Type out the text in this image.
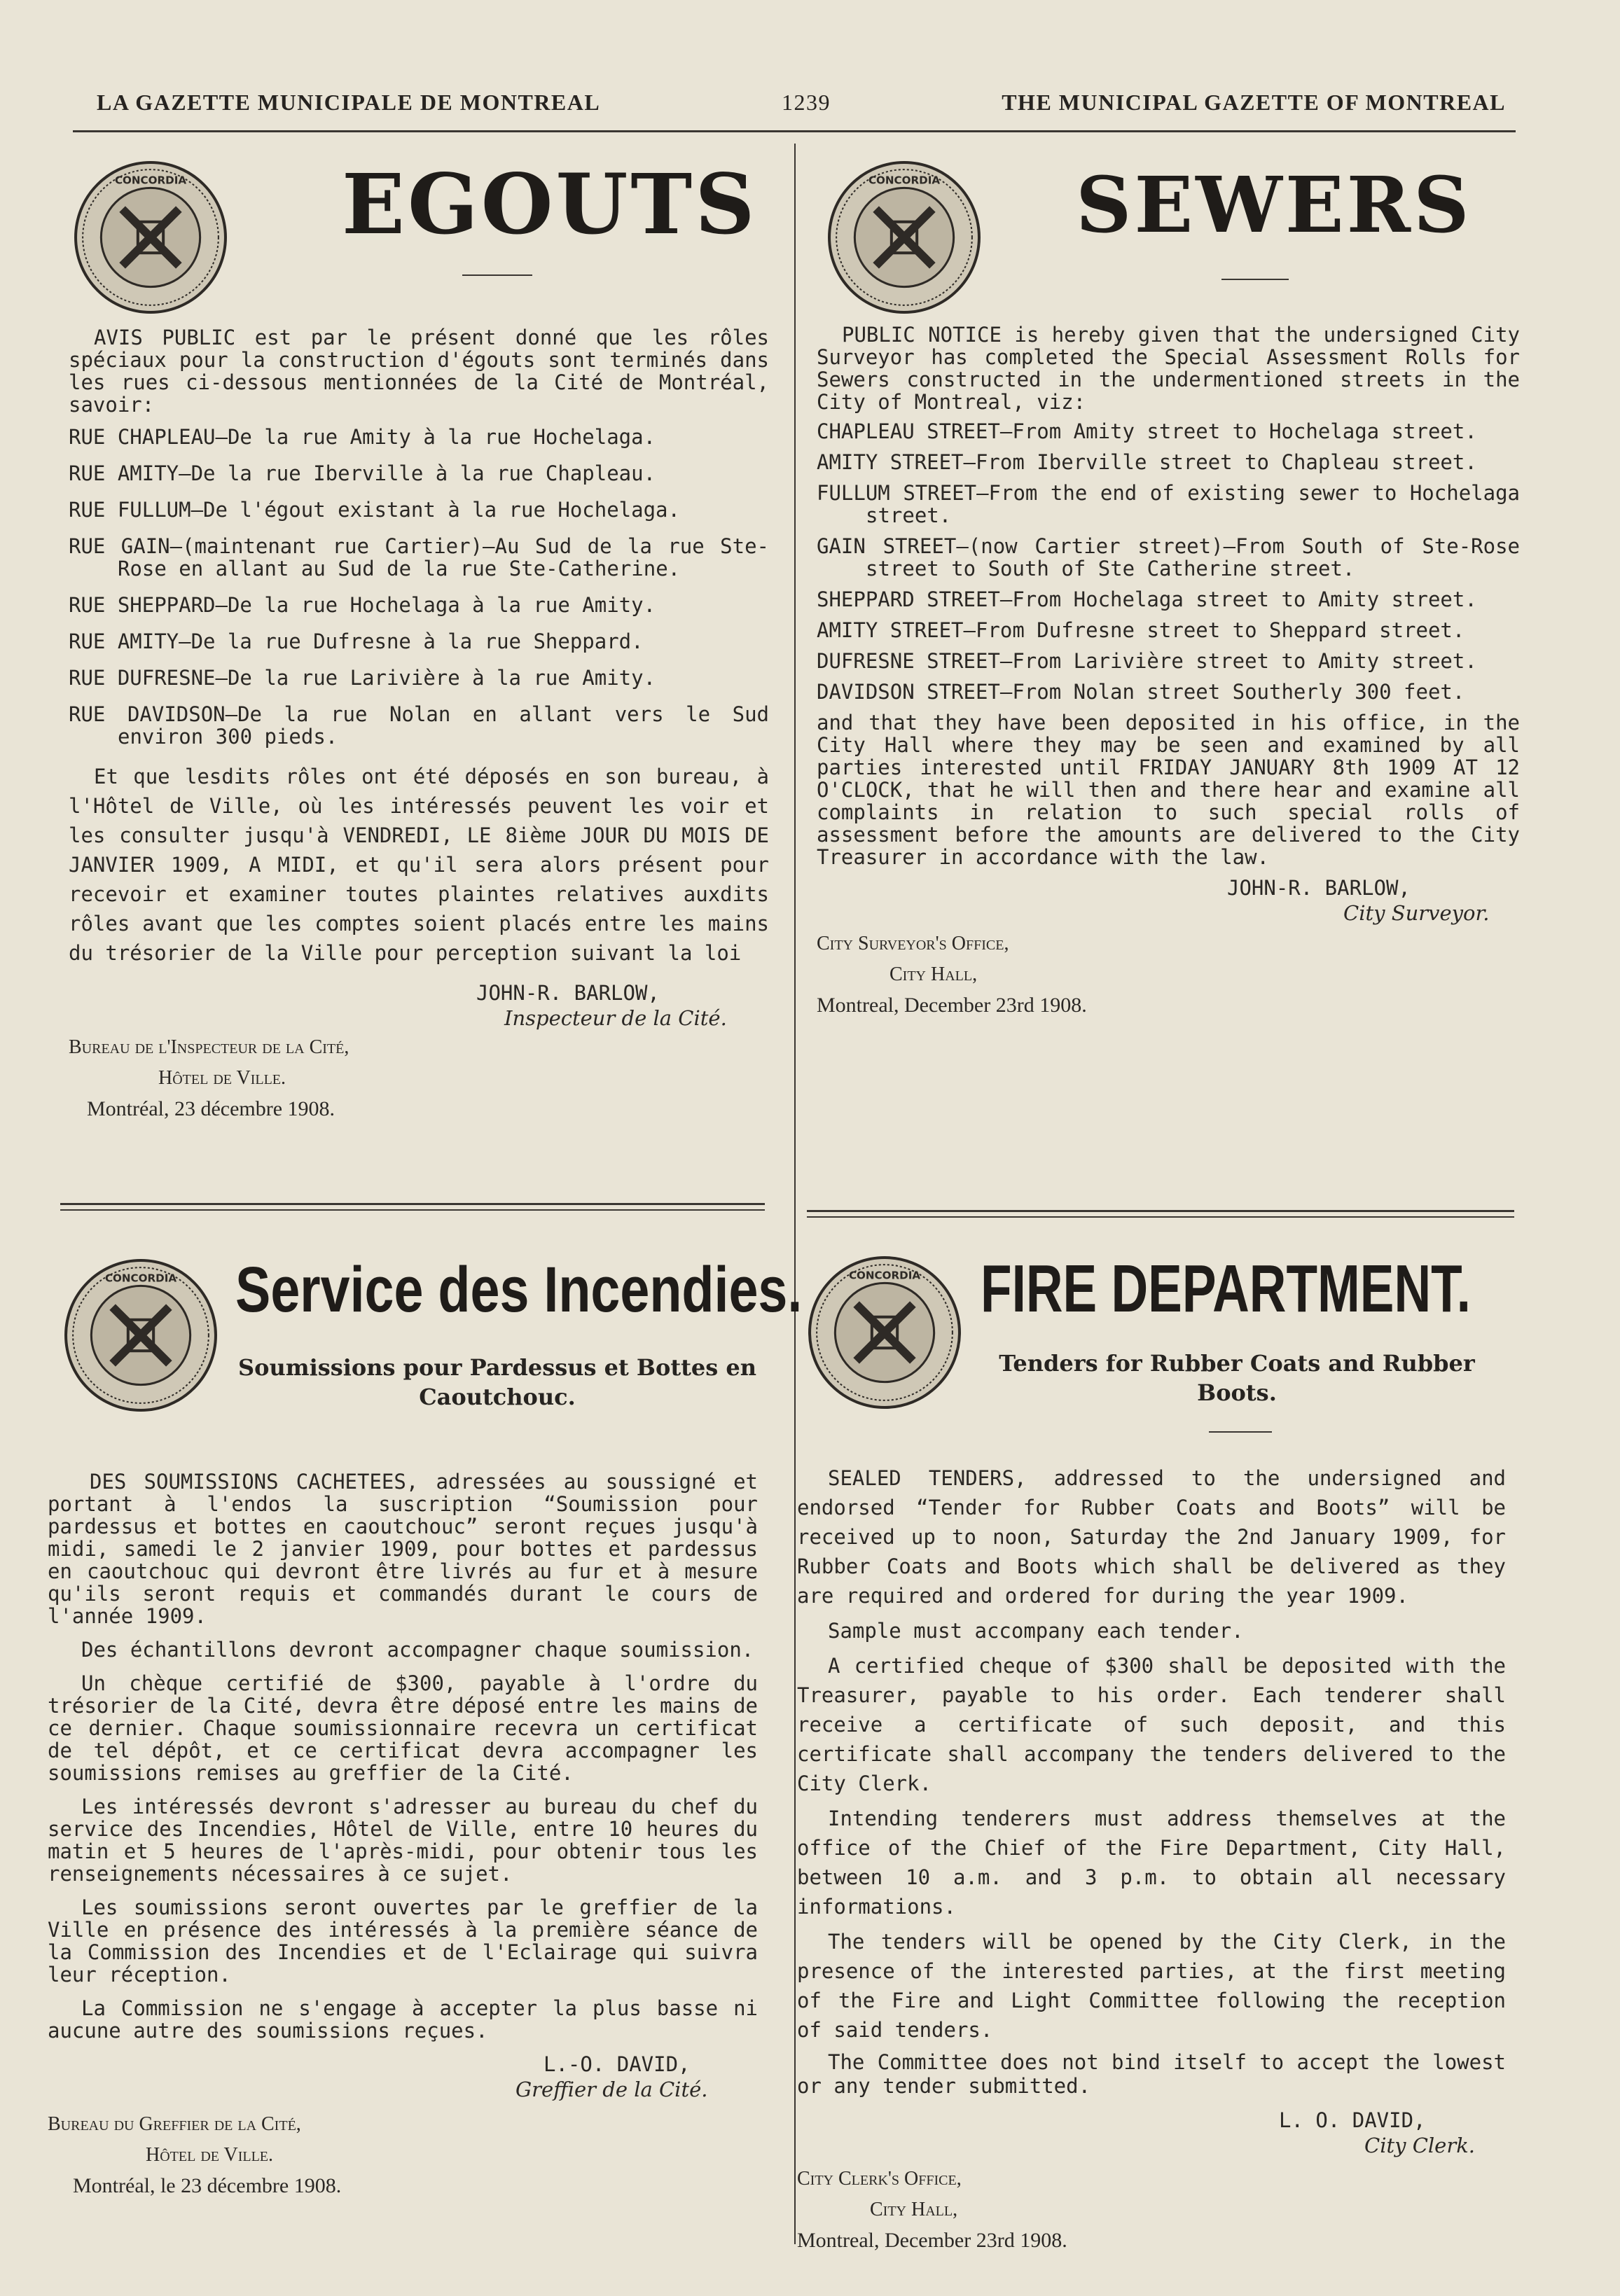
LA GAZETTE MUNICIPALE DE MONTREAL	1239	THE MUNICIPAL GAZETTE OF MONTREAL
CONCORDIA EGOUTS

AVIS PUBLIC est par le présent donné que les rôles spéciaux pour la construction d'égouts sont terminés dans les rues ci-dessous mentionnées de la Cité de Montréal, savoir:

RUE CHAPLEAU—De la rue Amity à la rue Hochelaga.

RUE AMITY—De la rue Iberville à la rue Chapleau.

RUE FULLUM—De l'égout existant à la rue Hochelaga.

RUE GAIN—(maintenant rue Cartier)—Au Sud de la rue Ste-Rose en allant au Sud de la rue Ste-Catherine.

RUE SHEPPARD—De la rue Hochelaga à la rue Amity.

RUE AMITY—De la rue Dufresne à la rue Sheppard.

RUE DUFRESNE—De la rue Larivière à la rue Amity.

RUE DAVIDSON—De la rue Nolan en allant vers le Sud environ 300 pieds.

Et que lesdits rôles ont été déposés en son bureau, à l'Hôtel de Ville, où les intéressés peuvent les voir et les consulter jusqu'à VENDREDI, LE 8ième JOUR DU MOIS DE JANVIER 1909, A MIDI, et qu'il sera alors présent pour recevoir et examiner toutes plaintes relatives auxdits rôles avant que les comptes soient placés entre les mains du trésorier de la Ville pour perception suivant la loi

JOHN-R. BARLOW,

Inspecteur de la Cité.

Bureau de l'Inspecteur de la Cité,

Hôtel de Ville.

Montréal, 23 décembre 1908.

CONCORDIA SEWERS

PUBLIC NOTICE is hereby given that the undersigned City Surveyor has completed the Special Assessment Rolls for Sewers constructed in the undermentioned streets in the City of Montreal, viz:

CHAPLEAU STREET—From Amity street to Hochelaga street.

AMITY STREET—From Iberville street to Chapleau street.

FULLUM STREET—From the end of existing sewer to Hochelaga street.

GAIN STREET—(now Cartier street)—From South of Ste-Rose street to South of Ste Catherine street.

SHEPPARD STREET—From Hochelaga street to Amity street.

AMITY STREET—From Dufresne street to Sheppard street.

DUFRESNE STREET—From Larivière street to Amity street.

DAVIDSON STREET—From Nolan street Southerly 300 feet.

and that they have been deposited in his office, in the City Hall where they may be seen and examined by all parties interested until FRIDAY JANUARY 8th 1909 AT 12 O'CLOCK, that he will then and there hear and examine all complaints in relation to such special rolls of assessment before the amounts are delivered to the City Treasurer in accordance with the law.

JOHN-R. BARLOW,

City Surveyor.

City Surveyor's Office,

City Hall,

Montreal, December 23rd 1908.

CONCORDIA Service des Incendies.
Soumissions pour Pardessus et Bottes en Caoutchouc.

DES SOUMISSIONS CACHETEES, adressées au soussigné et portant à l'endos la suscription “Soumission pour pardessus et bottes en caoutchouc” seront reçues jusqu'à midi, samedi le 2 janvier 1909, pour bottes et pardessus en caoutchouc qui devront être livrés au fur et à mesure qu'ils seront requis et commandés durant le cours de l'année 1909.

Des échantillons devront accompagner chaque soumission.

Un chèque certifié de $300, payable à l'ordre du trésorier de la Cité, devra être déposé entre les mains de ce dernier. Chaque soumissionnaire recevra un certificat de tel dépôt, et ce certificat devra accompagner les soumissions remises au greffier de la Cité.

Les intéressés devront s'adresser au bureau du chef du service des Incendies, Hôtel de Ville, entre 10 heures du matin et 5 heures de l'après-midi, pour obtenir tous les renseignements nécessaires à ce sujet.

Les soumissions seront ouvertes par le greffier de la Ville en présence des intéressés à la première séance de la Commission des Incendies et de l'Eclairage qui suivra leur réception.

La Commission ne s'engage à accepter la plus basse ni aucune autre des soumissions reçues.

L.-O. DAVID,

Greffier de la Cité.

Bureau du Greffier de la Cité,

Hôtel de Ville.

Montréal, le 23 décembre 1908.

CONCORDIA FIRE DEPARTMENT.
Tenders for Rubber Coats and Rubber Boots.

SEALED TENDERS, addressed to the undersigned and endorsed “Tender for Rubber Coats and Boots” will be received up to noon, Saturday the 2nd January 1909, for Rubber Coats and Boots which shall be delivered as they are required and ordered for during the year 1909.

Sample must accompany each tender.

A certified cheque of $300 shall be deposited with the Treasurer, payable to his order. Each tenderer shall receive a certificate of such deposit, and this certificate shall accompany the tenders delivered to the City Clerk.

Intending tenderers must address themselves at the office of the Chief of the Fire Department, City Hall, between 10 a.m. and 3 p.m. to obtain all necessary informations.

The tenders will be opened by the City Clerk, in the presence of the interested parties, at the first meeting of the Fire and Light Committee following the reception of said tenders.

The Committee does not bind itself to accept the lowest or any tender submitted.

L. O. DAVID,

City Clerk.

City Clerk's Office,

City Hall,

Montreal, December 23rd 1908.
